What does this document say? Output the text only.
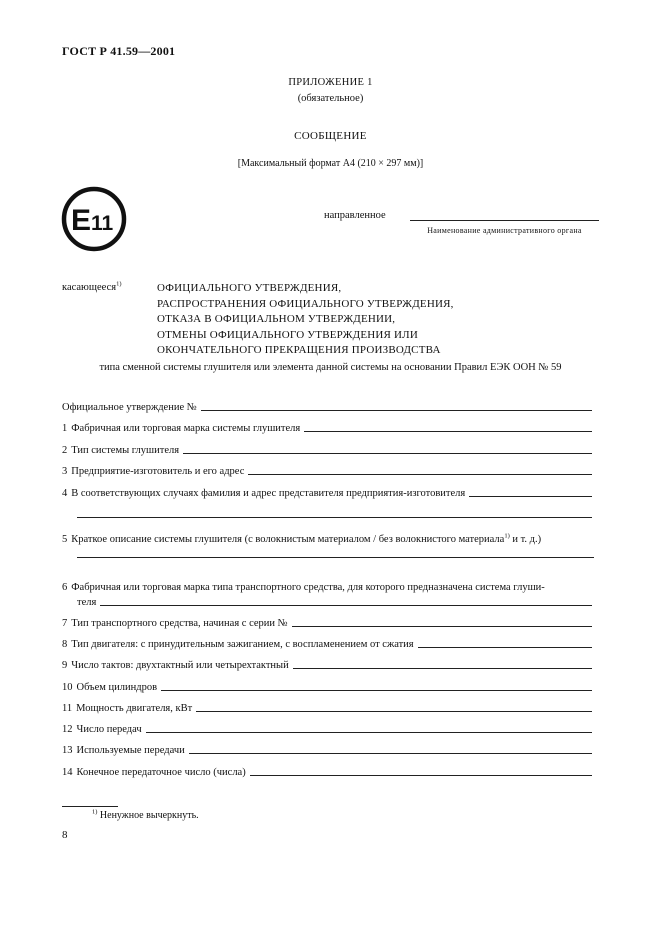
ГОСТ Р 41.59—2001
ПРИЛОЖЕНИЕ 1
(обязательное)
СООБЩЕНИЕ
[Максимальный формат А4 (210 × 297 мм)]
E 11	направленное
Наименование административного органа
касающееся$^{1)}$	ОФИЦИАЛЬНОГО УТВЕРЖДЕНИЯ,
РАСПРОСТРАНЕНИЯ ОФИЦИАЛЬНОГО УТВЕРЖДЕНИЯ,
ОТКАЗА В ОФИЦИАЛЬНОМ УТВЕРЖДЕНИИ,
ОТМЕНЫ ОФИЦИАЛЬНОГО УТВЕРЖДЕНИЯ ИЛИ
ОКОНЧАТЕЛЬНОГО ПРЕКРАЩЕНИЯ ПРОИЗВОДСТВА
типа сменной системы глушителя или элемента данной системы на основании Правил ЕЭК ООН № 59
Официальное утверждение №
1 Фабричная или торговая марка системы глушителя
2 Тип системы глушителя
3 Предприятие-изготовитель и его адрес
4 В соответствующих случаях фамилия и адрес представителя предприятия-изготовителя
5 Краткое описание системы глушителя (с волокнистым материалом / без волокнистого материала$^{1)}$ и т. д.)
6 Фабричная или торговая марка типа транспортного средства, для которого предназначена система глуши-
теля
7 Тип транспортного средства, начиная с серии №
8 Тип двигателя: с принудительным зажиганием, с воспламенением от сжатия
9 Число тактов: двухтактный или четырехтактный
10 Объем цилиндров
11 Мощность двигателя, кВт
12 Число передач
13 Используемые передачи
14 Конечное передаточное число (числа)
$^{1)}$ Ненужное вычеркнуть.
8
